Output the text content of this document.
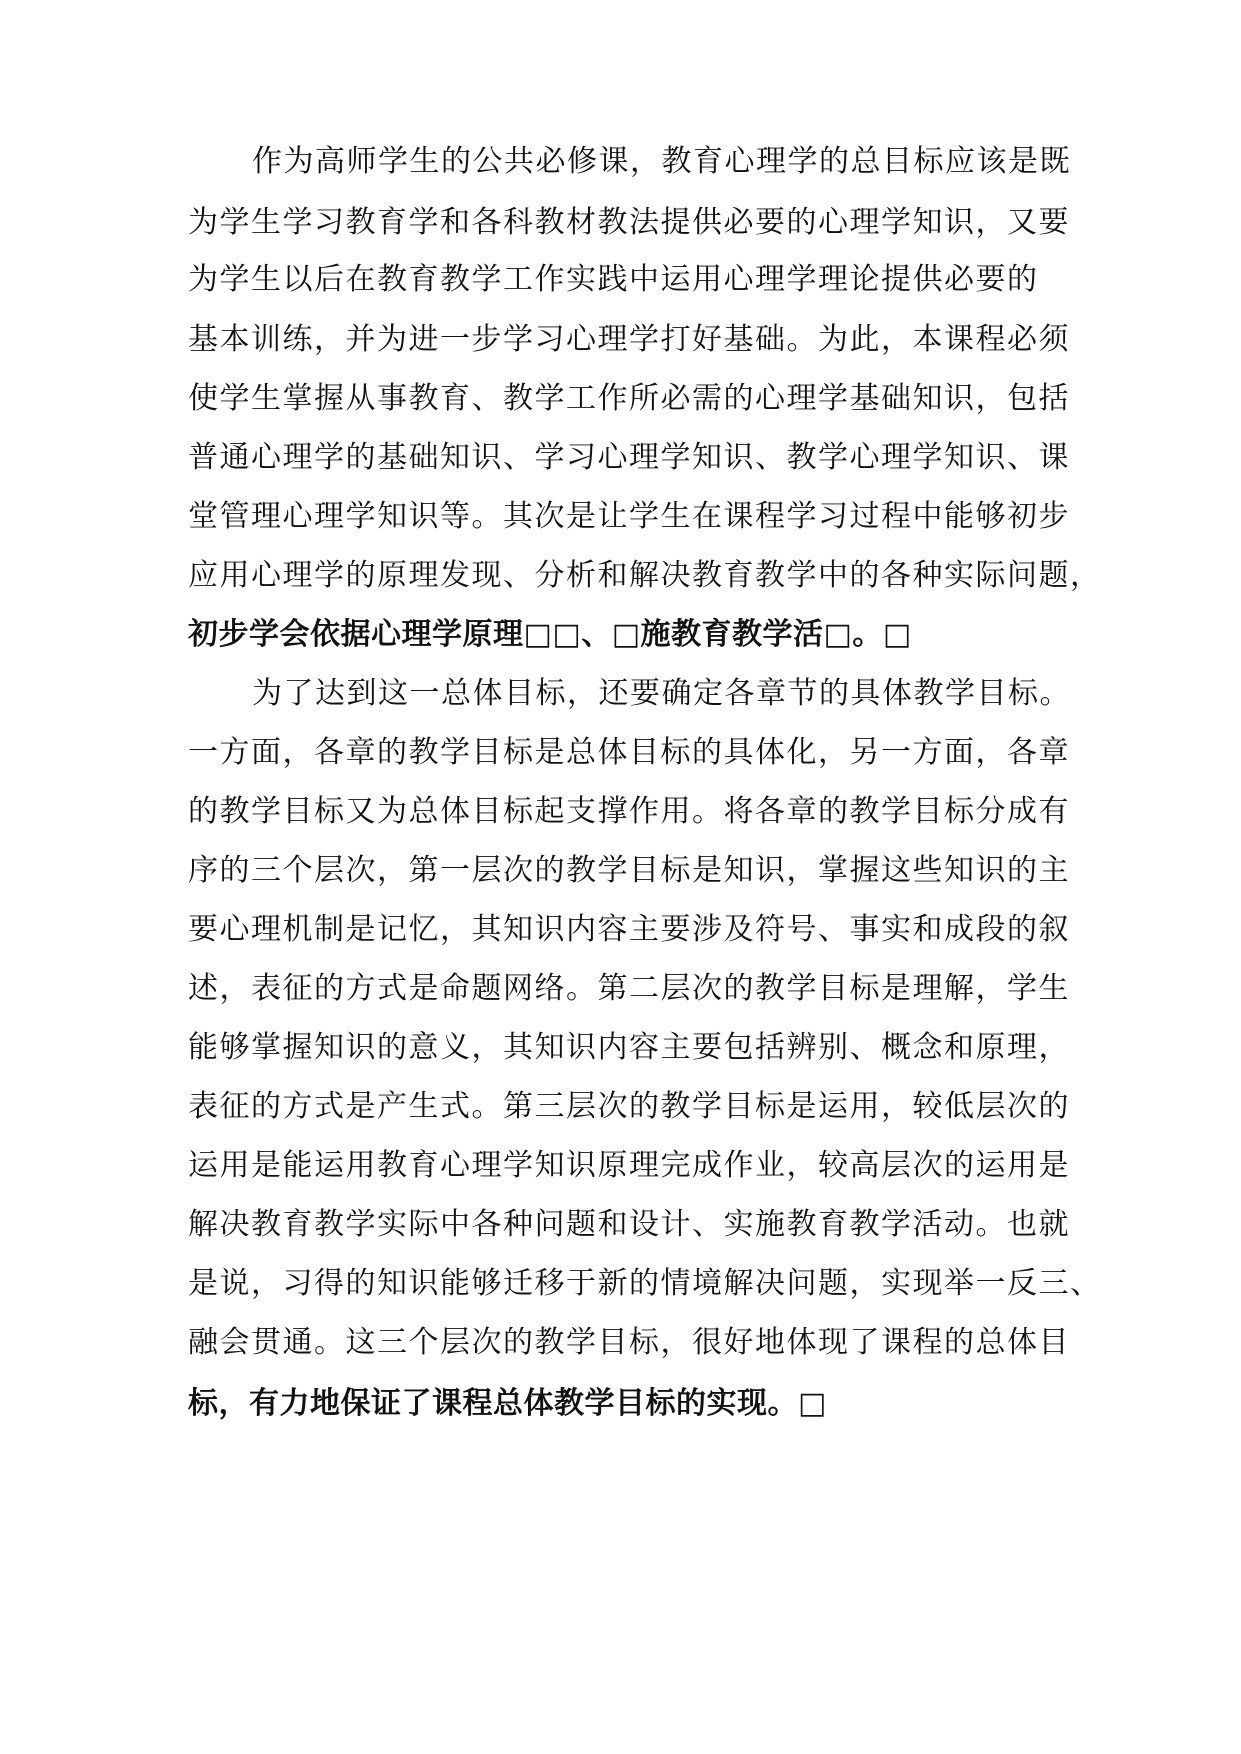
作为高师学生的公共必修课，教育心理学的总目标应该是既
为学生学习教育学和各科教材教法提供必要的心理学知识，又要
为学生以后在教育教学工作实践中运用心理学理论提供必要的
基本训练，并为进一步学习心理学打好基础。为此，本课程必须
使学生掌握从事教育、教学工作所必需的心理学基础知识，包括
普通心理学的基础知识、学习心理学知识、教学心理学知识、课
堂管理心理学知识等。其次是让学生在课程学习过程中能够初步
应用心理学的原理发现、分析和解决教育教学中的各种实际问题，
初步学会依据心理学原理□□、□施教育教学活□。□
为了达到这一总体目标，还要确定各章节的具体教学目标。
一方面，各章的教学目标是总体目标的具体化，另一方面，各章
的教学目标又为总体目标起支撑作用。将各章的教学目标分成有
序的三个层次，第一层次的教学目标是知识，掌握这些知识的主
要心理机制是记忆，其知识内容主要涉及符号、事实和成段的叙
述，表征的方式是命题网络。第二层次的教学目标是理解，学生
能够掌握知识的意义，其知识内容主要包括辨别、概念和原理，
表征的方式是产生式。第三层次的教学目标是运用，较低层次的
运用是能运用教育心理学知识原理完成作业，较高层次的运用是
解决教育教学实际中各种问题和设计、实施教育教学活动。也就
是说，习得的知识能够迁移于新的情境解决问题，实现举一反三、
融会贯通。这三个层次的教学目标，很好地体现了课程的总体目
标，有力地保证了课程总体教学目标的实现。□
